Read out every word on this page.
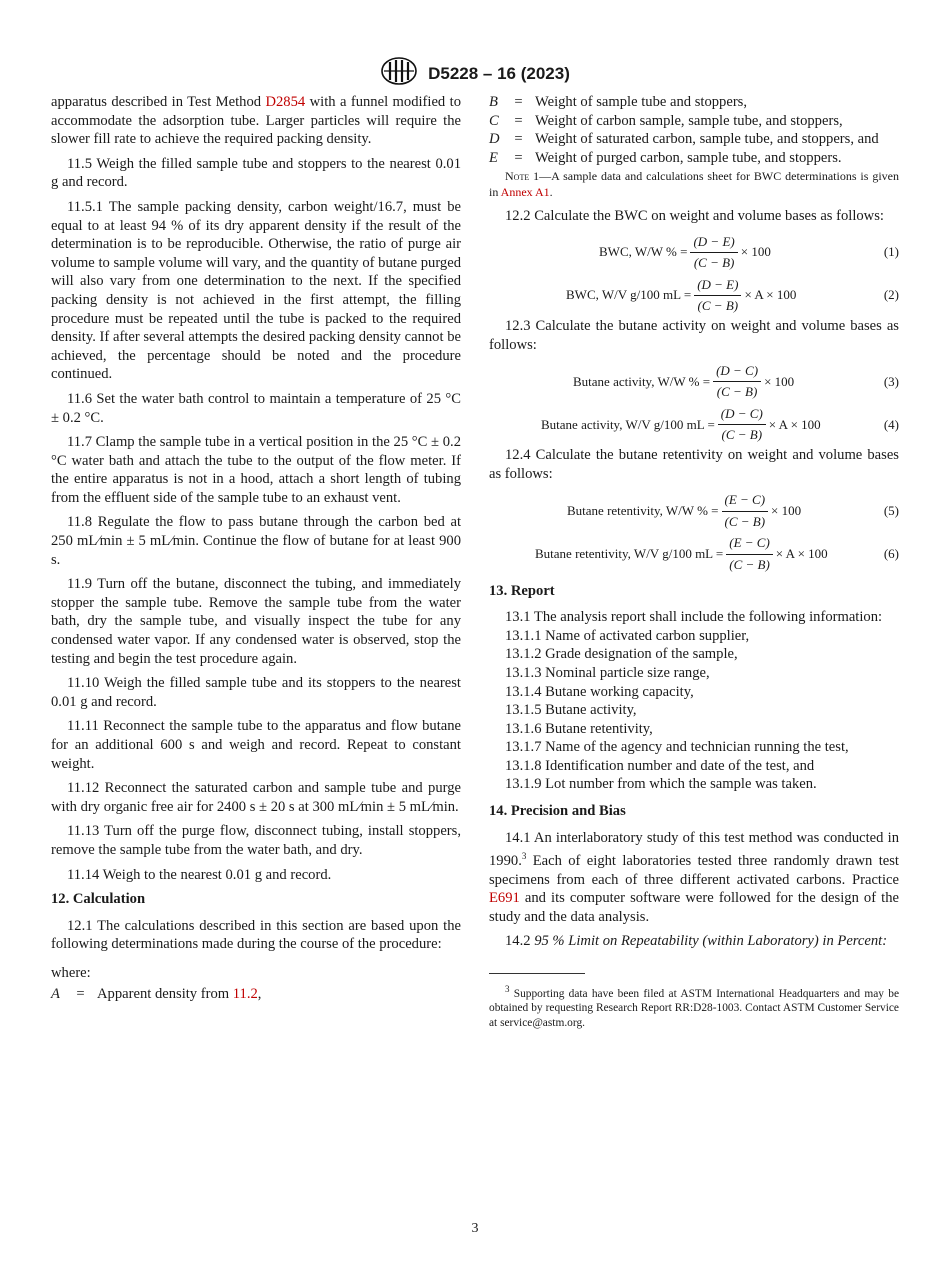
D5228 – 16 (2023)

apparatus described in Test Method D2854 with a funnel modified to accommodate the adsorption tube. Larger particles will require the slower fill rate to achieve the required packing density.

11.5 Weigh the filled sample tube and stoppers to the nearest 0.01 g and record.

11.5.1 The sample packing density, carbon weight/16.7, must be equal to at least 94 % of its dry apparent density if the result of the determination is to be reproducible. Otherwise, the ratio of purge air volume to sample volume will vary, and the quantity of butane purged will also vary from one determination to the next. If the specified packing density is not achieved in the first attempt, the filling procedure must be repeated until the tube is packed to the required density. If after several attempts the desired packing density cannot be achieved, the percentage should be noted and the procedure continued.

11.6 Set the water bath control to maintain a temperature of 25 °C ± 0.2 °C.

11.7 Clamp the sample tube in a vertical position in the 25 °C ± 0.2 °C water bath and attach the tube to the output of the flow meter. If the entire apparatus is not in a hood, attach a short length of tubing from the effluent side of the sample tube to an exhaust vent.

11.8 Regulate the flow to pass butane through the carbon bed at 250 mL⁄min ± 5 mL⁄min. Continue the flow of butane for at least 900 s.

11.9 Turn off the butane, disconnect the tubing, and immediately stopper the sample tube. Remove the sample tube from the water bath, dry the sample tube, and visually inspect the tube for any condensed water vapor. If any condensed water is observed, stop the testing and begin the test procedure again.

11.10 Weigh the filled sample tube and its stoppers to the nearest 0.01 g and record.

11.11 Reconnect the sample tube to the apparatus and flow butane for an additional 600 s and weigh and record. Repeat to constant weight.

11.12 Reconnect the saturated carbon and sample tube and purge with dry organic free air for 2400 s ± 20 s at 300 mL⁄min ± 5 mL⁄min.

11.13 Turn off the purge flow, disconnect tubing, install stoppers, remove the sample tube from the water bath, and dry.

11.14 Weigh to the nearest 0.01 g and record.

12. Calculation

12.1 The calculations described in this section are based upon the following determinations made during the course of the procedure:

where:

A	= Apparent density from 11.2,
B	= Weight of sample tube and stoppers,
C	= Weight of carbon sample, sample tube, and stoppers,
D	= Weight of saturated carbon, sample tube, and stoppers, and
E	= Weight of purged carbon, sample tube, and stoppers.

Note 1—A sample data and calculations sheet for BWC determinations is given in Annex A1.

12.2 Calculate the BWC on weight and volume bases as follows:

BWC, W/W % = $\frac{(D - E)}{(C - B)} \times 100$	(1)
BWC, W/V g/100 mL = $\frac{(D - E)}{(C - B)} \times A \times 100$	(2)

12.3 Calculate the butane activity on weight and volume bases as follows:

Butane activity, W/W % = $\frac{(D - C)}{(C - B)} \times 100$	(3)
Butane activity, W/V g/100 mL = $\frac{(D - C)}{(C - B)} \times A \times 100$	(4)

12.4 Calculate the butane retentivity on weight and volume bases as follows:

Butane retentivity, W/W % = $\frac{(E - C)}{(C - B)} \times 100$	(5)
Butane retentivity, W/V g/100 mL = $\frac{(E - C)}{(C - B)} \times A \times 100$	(6)
13. Report

13.1 The analysis report shall include the following information:

13.1.1 Name of activated carbon supplier,

13.1.2 Grade designation of the sample,

13.1.3 Nominal particle size range,

13.1.4 Butane working capacity,

13.1.5 Butane activity,

13.1.6 Butane retentivity,

13.1.7 Name of the agency and technician running the test,

13.1.8 Identification number and date of the test, and

13.1.9 Lot number from which the sample was taken.

14. Precision and Bias

14.1 An interlaboratory study of this test method was conducted in 1990.$^3$ Each of eight laboratories tested three randomly drawn test specimens from each of three different activated carbons. Practice E691 and its computer software were followed for the design of the study and the data analysis.

14.2 95 % Limit on Repeatability (within Laboratory) in Percent:

$^3$ Supporting data have been filed at ASTM International Headquarters and may be obtained by requesting Research Report RR:D28-1003. Contact ASTM Customer Service at service@astm.org.

3
